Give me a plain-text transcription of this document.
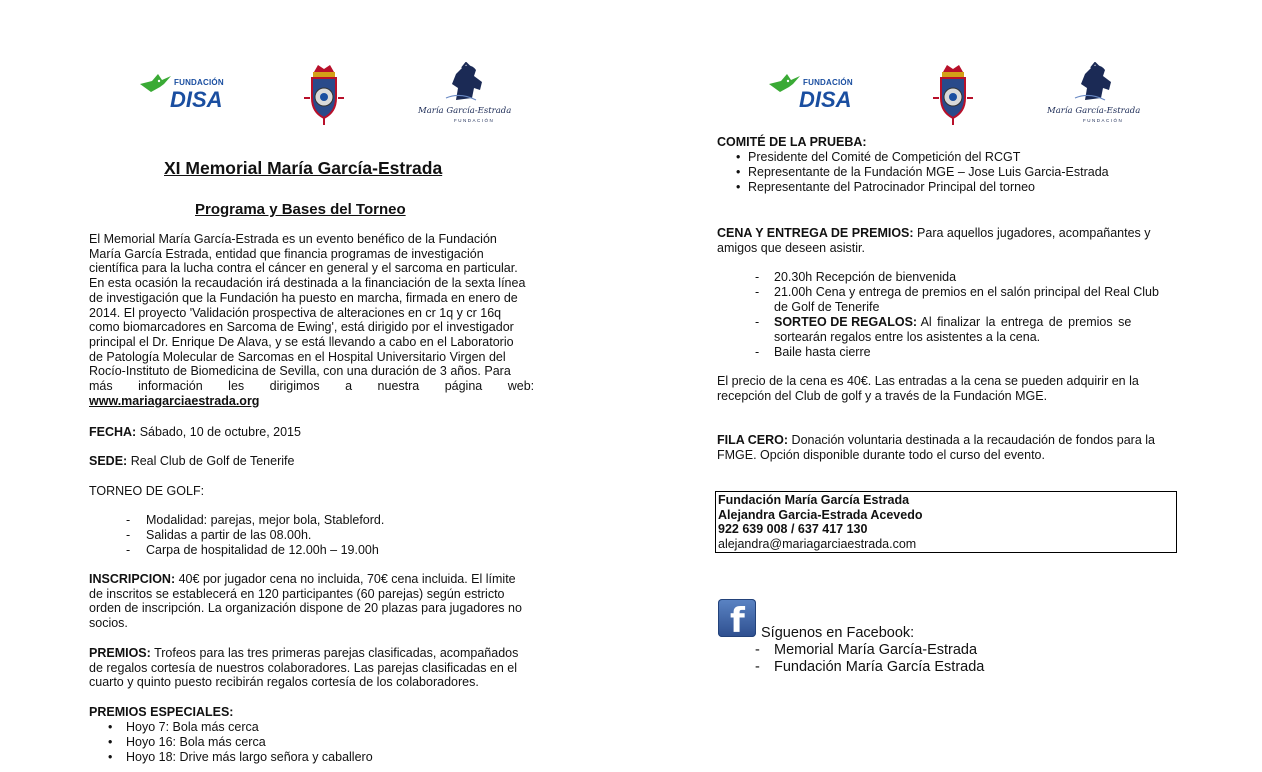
FUNDACIÓN
DISA	María García-Estrada
FUNDACIÓN
XI Memorial María García-Estrada
Programa y Bases del Torneo
El Memorial María García-Estrada es un evento benéfico de la Fundación
María García Estrada, entidad que financia programas de investigación
científica para la lucha contra el cáncer en general y el sarcoma en particular.
En esta ocasión la recaudación irá destinada a la financiación de la sexta línea
de investigación que la Fundación ha puesto en marcha, firmada en enero de
2014. El proyecto 'Validación prospectiva de alteraciones en cr 1q y cr 16q
como biomarcadores en Sarcoma de Ewing', está dirigido por el investigador
principal el Dr. Enrique De Alava, y se está llevando a cabo en el Laboratorio
de Patología Molecular de Sarcomas en el Hospital Universitario Virgen del
Rocío-Instituto de Biomedicina de Sevilla, con una duración de 3 años. Para
más información les dirigimos a nuestra página web:
www.mariagarciaestrada.org
FECHA: Sábado, 10 de octubre, 2015
SEDE: Real Club de Golf de Tenerife
TORNEO DE GOLF:
- Modalidad: parejas, mejor bola, Stableford.
- Salidas a partir de las 08.00h.
- Carpa de hospitalidad de 12.00h – 19.00h
INSCRIPCION: 40€ por jugador cena no incluida, 70€ cena incluida. El límite
de inscritos se establecerá en 120 participantes (60 parejas) según estricto
orden de inscripción. La organización dispone de 20 plazas para jugadores no
socios.
PREMIOS: Trofeos para las tres primeras parejas clasificadas, acompañados
de regalos cortesía de nuestros colaboradores. Las parejas clasificadas en el
cuarto y quinto puesto recibirán regalos cortesía de los colaboradores.
PREMIOS ESPECIALES:
• Hoyo 7: Bola más cerca
• Hoyo 16: Bola más cerca
• Hoyo 18: Drive más largo señora y caballero
FUNDACIÓN
DISA	María García-Estrada
FUNDACIÓN
COMITÉ DE LA PRUEBA:
• Presidente del Comité de Competición del RCGT
• Representante de la Fundación MGE – Jose Luis Garcia-Estrada
• Representante del Patrocinador Principal del torneo
CENA Y ENTREGA DE PREMIOS: Para aquellos jugadores, acompañantes y
amigos que deseen asistir.
- 20.30h Recepción de bienvenida
- 21.00h Cena y entrega de premios en el salón principal del Real Club
de Golf de Tenerife
- SORTEO DE REGALOS: Al finalizar la entrega de premios se
sortearán regalos entre los asistentes a la cena.
- Baile hasta cierre
El precio de la cena es 40€. Las entradas a la cena se pueden adquirir en la
recepción del Club de golf y a través de la Fundación MGE.
FILA CERO: Donación voluntaria destinada a la recaudación de fondos para la
FMGE. Opción disponible durante todo el curso del evento.
Fundación María García Estrada
Alejandra Garcia-Estrada Acevedo
922 639 008 / 637 417 130
alejandra@mariagarciaestrada.com
f Síguenos en Facebook:
- Memorial María García-Estrada
- Fundación María García Estrada
